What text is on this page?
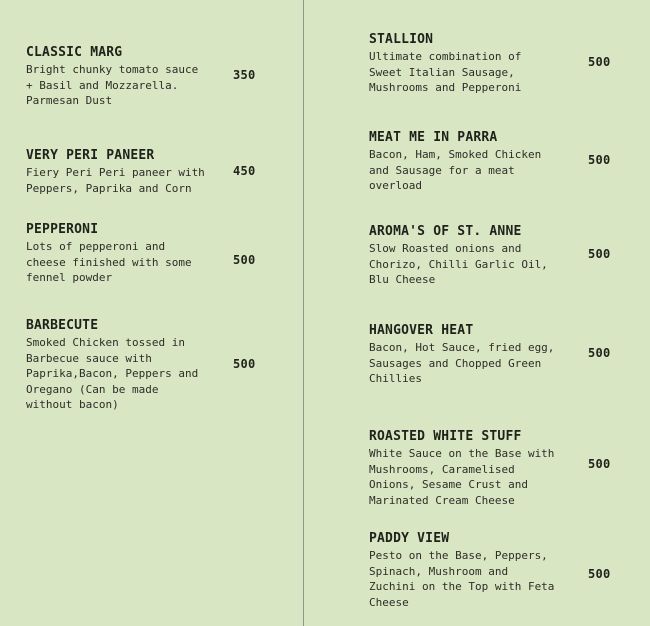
CLASSIC MARG
Bright chunky tomato sauce
+ Basil and Mozzarella.
Parmesan Dust
350
VERY PERI PANEER
Fiery Peri Peri paneer with
Peppers, Paprika and Corn
450
PEPPERONI
Lots of pepperoni and
cheese finished with some
fennel powder
500
BARBECUTE
Smoked Chicken tossed in
Barbecue sauce with
Paprika,Bacon, Peppers and
Oregano (Can be made
without bacon)
500
STALLION
Ultimate combination of
Sweet Italian Sausage,
Mushrooms and Pepperoni
500
MEAT ME IN PARRA
Bacon, Ham, Smoked Chicken
and Sausage for a meat
overload
500
AROMA'S OF ST. ANNE
Slow Roasted onions and
Chorizo, Chilli Garlic Oil,
Blu Cheese
500
HANGOVER HEAT
Bacon, Hot Sauce, fried egg,
Sausages and Chopped Green
Chillies
500
ROASTED WHITE STUFF
White Sauce on the Base with
Mushrooms, Caramelised
Onions, Sesame Crust and
Marinated Cream Cheese
500
PADDY VIEW
Pesto on the Base, Peppers,
Spinach, Mushroom and
Zuchini on the Top with Feta
Cheese
500
